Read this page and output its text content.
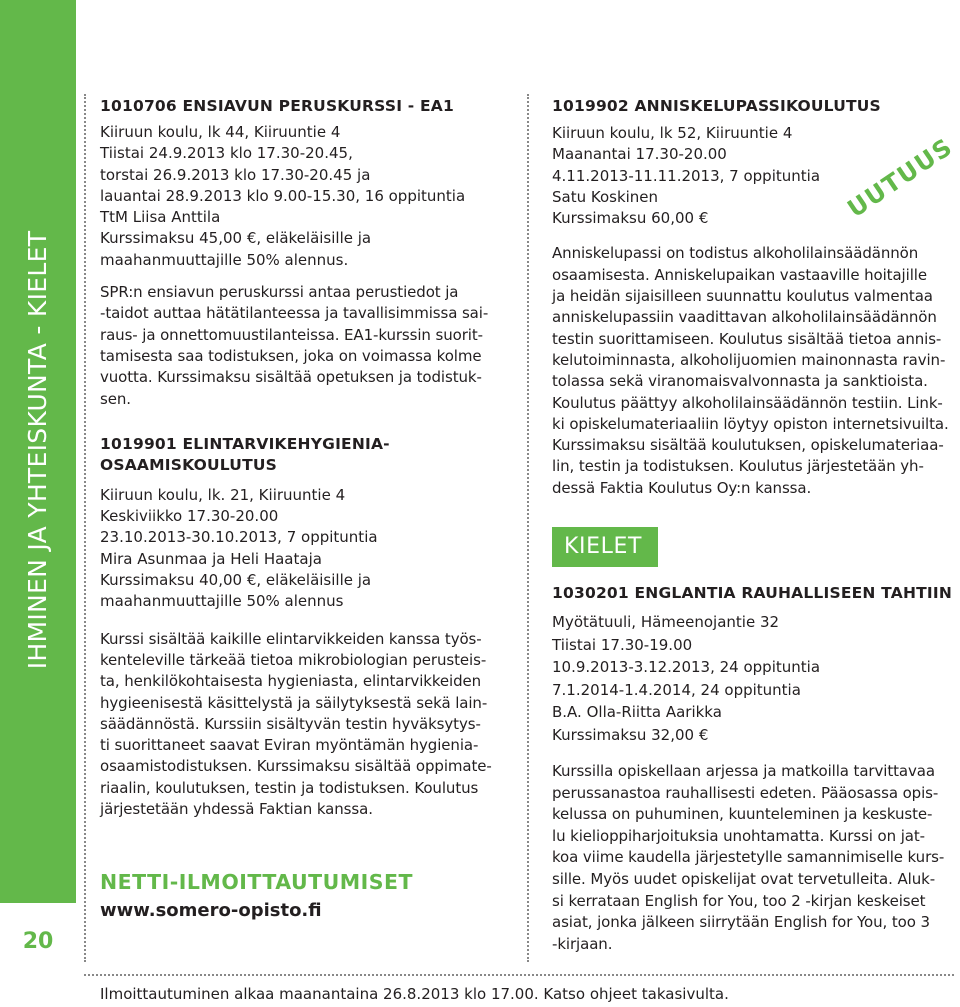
IHMINEN JA YHTEISKUNTA - KIELET
20
1010706 ENSIAVUN PERUSKURSSI - EA1
Kiiruun koulu, lk 44, Kiiruuntie 4
Tiistai 24.9.2013 klo 17.30-20.45,
torstai 26.9.2013 klo 17.30-20.45 ja
lauantai 28.9.2013 klo 9.00-15.30, 16 oppituntia
TtM Liisa Anttila
Kurssimaksu 45,00 €, eläkeläisille ja
maahanmuuttajille 50% alennus.
SPR:n ensiavun peruskurssi antaa perustiedot ja
-taidot auttaa hätätilanteessa ja tavallisimmissa sai-
raus- ja onnettomuustilanteissa. EA1-kurssin suorit-
tamisesta saa todistuksen, joka on voimassa kolme
vuotta. Kurssimaksu sisältää opetuksen ja todistuk-
sen.
1019901 ELINTARVIKEHYGIENIA-
OSAAMISKOULUTUS
Kiiruun koulu, lk. 21, Kiiruuntie 4
Keskiviikko 17.30-20.00
23.10.2013-30.10.2013, 7 oppituntia
Mira Asunmaa ja Heli Haataja
Kurssimaksu 40,00 €, eläkeläisille ja
maahanmuuttajille 50% alennus
Kurssi sisältää kaikille elintarvikkeiden kanssa työs-
kenteleville tärkeää tietoa mikrobiologian perusteis-
ta, henkilökohtaisesta hygieniasta, elintarvikkeiden
hygieenisestä käsittelystä ja säilytyksestä sekä lain-
säädännöstä. Kurssiin sisältyvän testin hyväksytys-
ti suorittaneet saavat Eviran myöntämän hygienia-
osaamistodistuksen. Kurssimaksu sisältää oppimate-
riaalin, koulutuksen, testin ja todistuksen. Koulutus
järjestetään yhdessä Faktian kanssa.
NETTI-ILMOITTAUTUMISET
www.somero-opisto.fi
1019902 ANNISKELUPASSIKOULUTUS
Kiiruun koulu, lk 52, Kiiruuntie 4
Maanantai 17.30-20.00
4.11.2013-11.11.2013, 7 oppituntia
Satu Koskinen
Kurssimaksu 60,00 €
Anniskelupassi on todistus alkoholilainsäädännön
osaamisesta. Anniskelupaikan vastaaville hoitajille
ja heidän sijaisilleen suunnattu koulutus valmentaa
anniskelupassiin vaadittavan alkoholilainsäädännön
testin suorittamiseen. Koulutus sisältää tietoa annis-
kelutoiminnasta, alkoholijuomien mainonnasta ravin-
tolassa sekä viranomaisvalvonnasta ja sanktioista.
Koulutus päättyy alkoholilainsäädännön testiin. Link-
ki opiskelumateriaaliin löytyy opiston internetsivuilta.
Kurssimaksu sisältää koulutuksen, opiskelumateriaa-
lin, testin ja todistuksen. Koulutus järjestetään yh-
dessä Faktia Koulutus Oy:n kanssa.
UUTUUS
KIELET
1030201 ENGLANTIA RAUHALLISEEN TAHTIIN
Myötätuuli, Hämeenojantie 32
Tiistai 17.30-19.00
10.9.2013-3.12.2013, 24 oppituntia
7.1.2014-1.4.2014, 24 oppituntia
B.A. Olla-Riitta Aarikka
Kurssimaksu 32,00 €
Kurssilla opiskellaan arjessa ja matkoilla tarvittavaa
perussanastoa rauhallisesti edeten. Pääosassa opis-
kelussa on puhuminen, kuunteleminen ja keskuste-
lu kielioppiharjoituksia unohtamatta. Kurssi on jat-
koa viime kaudella järjestetylle samannimiselle kurs-
sille. Myös uudet opiskelijat ovat tervetulleita. Aluk-
si kerrataan English for You, too 2 -kirjan keskeiset
asiat, jonka jälkeen siirrytään English for You, too 3
-kirjaan.
Ilmoittautuminen alkaa maanantaina 26.8.2013 klo 17.00. Katso ohjeet takasivulta.
